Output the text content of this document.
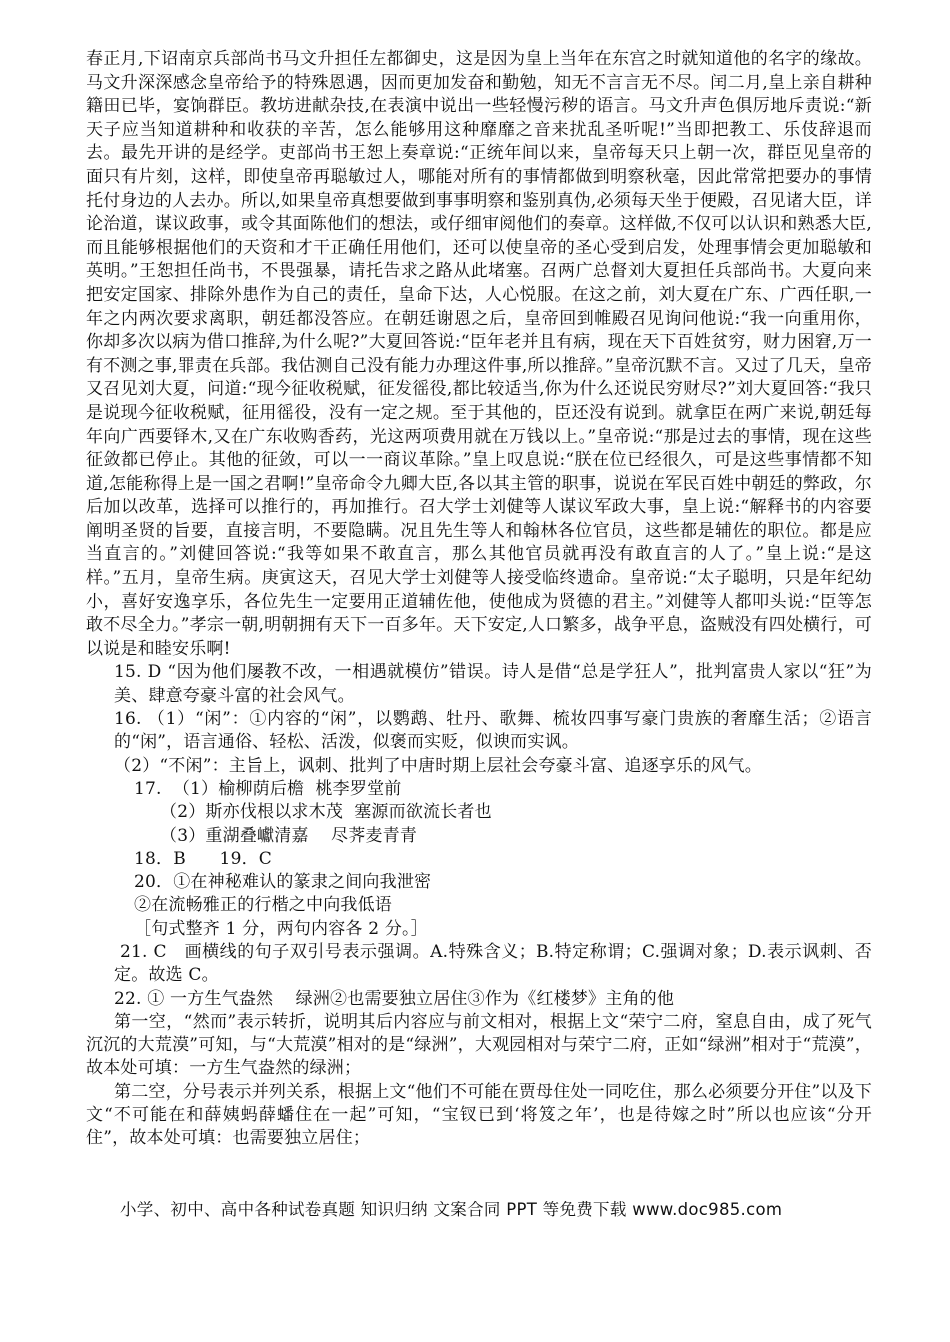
春正月,下诏南京兵部尚书马文升担任左都御史，这是因为皇上当年在东宫之时就知道他的名字的缘故。马文升深深感念皇帝给予的特殊恩遇，因而更加发奋和勤勉，知无不言言无不尽。闰二月,皇上亲自耕种籍田已毕，宴饷群臣。教坊进献杂技,在表演中说出一些轻慢污秽的语言。马文升声色俱厉地斥责说:“新天子应当知道耕种和收获的辛苦，怎么能够用这种靡靡之音来扰乱圣听呢!”当即把教工、乐伎辞退而去。最先开讲的是经学。吏部尚书王恕上奏章说:“正统年间以来，皇帝每天只上朝一次，群臣见皇帝的面只有片刻，这样，即使皇帝再聪敏过人，哪能对所有的事情都做到明察秋毫，因此常常把要办的事情托付身边的人去办。所以,如果皇帝真想要做到事事明察和鉴别真伪,必须每天坐于便殿，召见诸大臣，详论治道，谋议政事，或令其面陈他们的想法，或仔细审阅他们的奏章。这样做,不仅可以认识和熟悉大臣,而且能够根据他们的天资和才干正确任用他们，还可以使皇帝的圣心受到启发，处理事情会更加聪敏和英明。”王恕担任尚书，不畏强暴，请托告求之路从此堵塞。召两广总督刘大夏担任兵部尚书。大夏向来把安定国家、排除外患作为自己的责任，皇命下达，人心悦服。在这之前，刘大夏在广东、广西任职,一年之内两次要求离职，朝廷都没答应。在朝廷谢恩之后，皇帝回到帷殿召见询问他说:“我一向重用你，你却多次以病为借口推辞,为什么呢?”大夏回答说:“臣年老并且有病，现在天下百姓贫穷，财力困窘,万一有不测之事,罪责在兵部。我估测自己没有能力办理这件事,所以推辞。”皇帝沉默不言。又过了几天，皇帝又召见刘大夏，问道:“现今征收税赋，征发徭役,都比较适当,你为什么还说民穷财尽?”刘大夏回答:“我只是说现今征收税赋，征用徭役，没有一定之规。至于其他的，臣还没有说到。就拿臣在两广来说,朝廷每年向广西要铎木,又在广东收购香药，光这两项费用就在万钱以上。”皇帝说:“那是过去的事情，现在这些征敛都已停止。其他的征敛，可以一一商议革除。”皇上叹息说:“朕在位已经很久，可是这些事情都不知道,怎能称得上是一国之君啊!”皇帝命令九卿大臣,各以其主管的职事，说说在军民百姓中朝廷的弊政，尔后加以改革，选择可以推行的，再加推行。召大学士刘健等人谋议军政大事，皇上说:“解释书的内容要阐明圣贤的旨要，直接言明，不要隐瞒。况且先生等人和翰林各位官员，这些都是辅佐的职位。都是应当直言的。”刘健回答说:“我等如果不敢直言，那么其他官员就再没有敢直言的人了。”皇上说:“是这样。”五月，皇帝生病。庚寅这天，召见大学士刘健等人接受临终遗命。皇帝说:“太子聪明，只是年纪幼小，喜好安逸享乐，各位先生一定要用正道辅佐他，使他成为贤德的君主。”刘健等人都叩头说:“臣等怎敢不尽全力。”孝宗一朝,明朝拥有天下一百多年。天下安定,人口繁多，战争平息，盗贼没有四处横行，可以说是和睦安乐啊!

15. D “因为他们屡教不改，一相遇就模仿”错误。诗人是借“总是学狂人”，批判富贵人家以“狂”为美、肆意夸豪斗富的社会风气。

16. （1）“闲”：①内容的“闲”，以鹦鹉、牡丹、歌舞、梳妆四事写豪门贵族的奢靡生活；②语言的“闲”，语言通俗、轻松、活泼，似褒而实贬，似谀而实讽。

（2）“不闲”：主旨上，讽刺、批判了中唐时期上层社会夸豪斗富、追逐享乐的风气。

17.  （1）榆柳荫后檐  桃李罗堂前

（2）斯亦伐根以求木茂  塞源而欲流长者也

（3）重湖叠巘清嘉    尽荠麦青青

18．B      19．C

20．①在神秘难认的篆隶之间向我泄密

②在流畅雅正的行楷之中向我低语

［句式整齐 1 分，两句内容各 2 分。］

21. C   画横线的句子双引号表示强调。A.特殊含义；B.特定称谓；C.强调对象；D.表示讽刺、否定。故选 C。

22. ① 一方生气盎然    绿洲②也需要独立居住③作为《红楼梦》主角的他

第一空，“然而”表示转折，说明其后内容应与前文相对，根据上文“荣宁二府，窒息自由，成了死气沉沉的大荒漠”可知，与“大荒漠”相对的是“绿洲”，大观园相对与荣宁二府，正如“绿洲”相对于“荒漠”，故本处可填：一方生气盎然的绿洲；

第二空，分号表示并列关系，根据上文“他们不可能在贾母住处一同吃住，那么必须要分开住”以及下文“不可能在和薛姨蚂薛蟠住在一起”可知，“宝钗已到‘将笈之年’，也是待嫁之时”所以也应该“分开住”，故本处可填：也需要独立居住；

小学、初中、高中各种试卷真题 知识归纳 文案合同 PPT 等免费下载 www.doc985.com
